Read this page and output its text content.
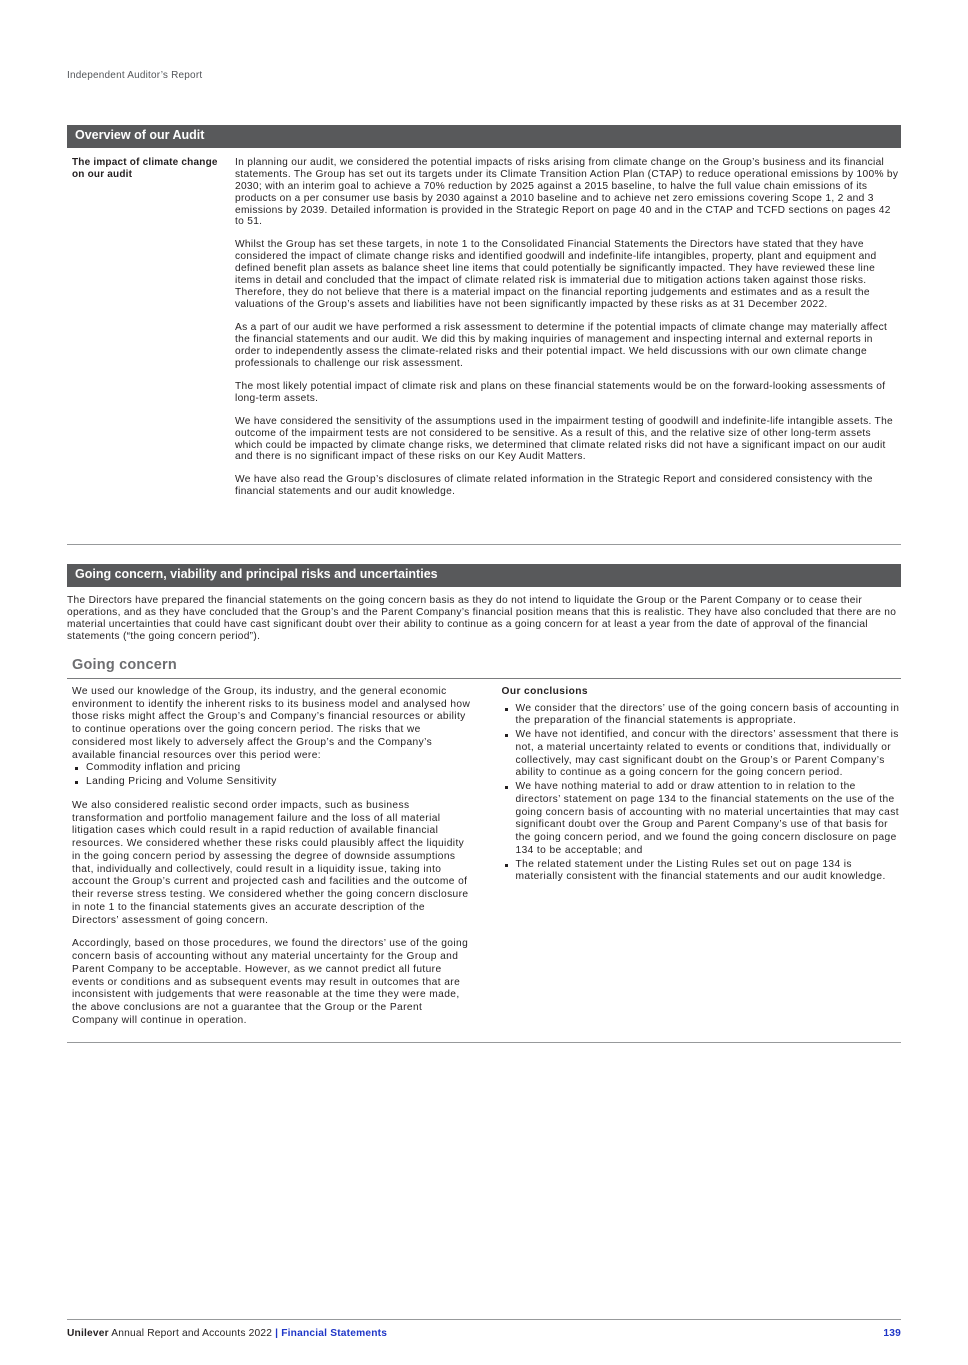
Independent Auditor’s Report
Overview of our Audit
The impact of climate change on our audit

In planning our audit, we considered the potential impacts of risks arising from climate change on the Group’s business and its financial statements. The Group has set out its targets under its Climate Transition Action Plan (CTAP) to reduce operational emissions by 100% by 2030; with an interim goal to achieve a 70% reduction by 2025 against a 2015 baseline, to halve the full value chain emissions of its products on a per consumer use basis by 2030 against a 2010 baseline and to achieve net zero emissions covering Scope 1, 2 and 3 emissions by 2039. Detailed information is provided in the Strategic Report on page 40 and in the CTAP and TCFD sections on pages 42 to 51.

Whilst the Group has set these targets, in note 1 to the Consolidated Financial Statements the Directors have stated that they have considered the impact of climate change risks and identified goodwill and indefinite-life intangibles, property, plant and equipment and defined benefit plan assets as balance sheet line items that could potentially be significantly impacted. They have reviewed these line items in detail and concluded that the impact of climate related risk is immaterial due to mitigation actions taken against those risks. Therefore, they do not believe that there is a material impact on the financial reporting judgements and estimates and as a result the valuations of the Group’s assets and liabilities have not been significantly impacted by these risks as at 31 December 2022.

As a part of our audit we have performed a risk assessment to determine if the potential impacts of climate change may materially affect the financial statements and our audit. We did this by making inquiries of management and inspecting internal and external reports in order to independently assess the climate-related risks and their potential impact. We held discussions with our own climate change professionals to challenge our risk assessment.

The most likely potential impact of climate risk and plans on these financial statements would be on the forward-looking assessments of long-term assets.

We have considered the sensitivity of the assumptions used in the impairment testing of goodwill and indefinite-life intangible assets. The outcome of the impairment tests are not considered to be sensitive. As a result of this, and the relative size of other long-term assets which could be impacted by climate change risks, we determined that climate related risks did not have a significant impact on our audit and there is no significant impact of these risks on our Key Audit Matters.

We have also read the Group’s disclosures of climate related information in the Strategic Report and considered consistency with the financial statements and our audit knowledge.

Going concern, viability and principal risks and uncertainties

The Directors have prepared the financial statements on the going concern basis as they do not intend to liquidate the Group or the Parent Company or to cease their operations, and as they have concluded that the Group’s and the Parent Company’s financial position means that this is realistic. They have also concluded that there are no material uncertainties that could have cast significant doubt over their ability to continue as a going concern for at least a year from the date of approval of the financial statements (“the going concern period”).

Going concern

We used our knowledge of the Group, its industry, and the general economic environment to identify the inherent risks to its business model and analysed how those risks might affect the Group’s and Company’s financial resources or ability to continue operations over the going concern period. The risks that we considered most likely to adversely affect the Group’s and the Company’s available financial resources over this period were:

Commodity inflation and pricing
Landing Pricing and Volume Sensitivity

We also considered realistic second order impacts, such as business transformation and portfolio management failure and the loss of all material litigation cases which could result in a rapid reduction of available financial resources. We considered whether these risks could plausibly affect the liquidity in the going concern period by assessing the degree of downside assumptions that, individually and collectively, could result in a liquidity issue, taking into account the Group’s current and projected cash and facilities and the outcome of their reverse stress testing. We considered whether the going concern disclosure in note 1 to the financial statements gives an accurate description of the Directors’ assessment of going concern.

Accordingly, based on those procedures, we found the directors’ use of the going concern basis of accounting without any material uncertainty for the Group and Parent Company to be acceptable. However, as we cannot predict all future events or conditions and as subsequent events may result in outcomes that are inconsistent with judgements that were reasonable at the time they were made, the above conclusions are not a guarantee that the Group or the Parent Company will continue in operation.

Our conclusions
We consider that the directors’ use of the going concern basis of accounting in the preparation of the financial statements is appropriate.
We have not identified, and concur with the directors’ assessment that there is not, a material uncertainty related to events or conditions that, individually or collectively, may cast significant doubt on the Group’s or Parent Company’s ability to continue as a going concern for the going concern period.
We have nothing material to add or draw attention to in relation to the directors’ statement on page 134 to the financial statements on the use of the going concern basis of accounting with no material uncertainties that may cast significant doubt over the Group and Parent Company’s use of that basis for the going concern period, and we found the going concern disclosure on page 134 to be acceptable; and
The related statement under the Listing Rules set out on page 134 is materially consistent with the financial statements and our audit knowledge.
Unilever Annual Report and Accounts 2022 | Financial Statements	139
